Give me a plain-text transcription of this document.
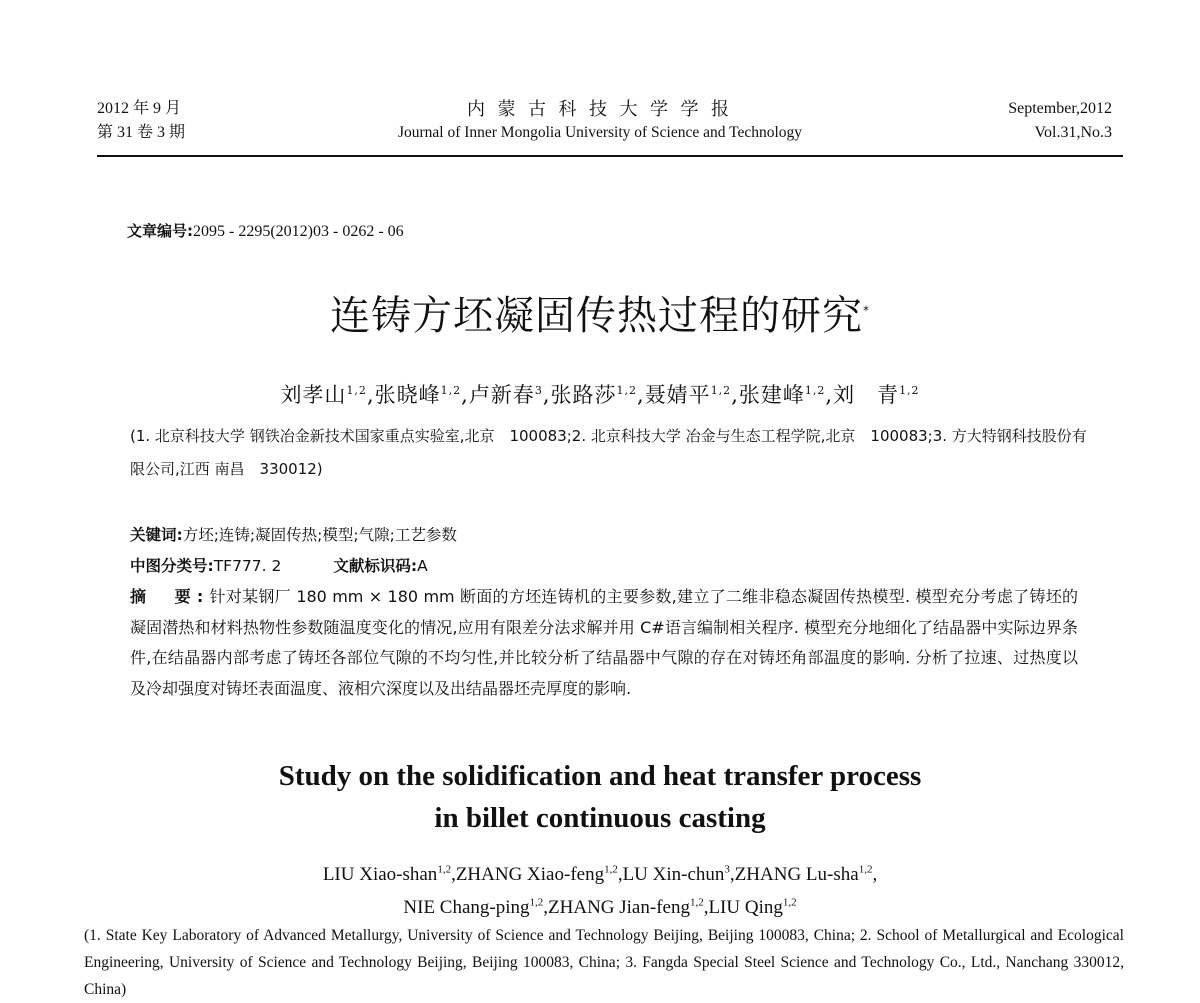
2012 年 9 月
第 31 卷 3 期
内 蒙 古 科 技 大 学 学 报
Journal of Inner Mongolia University of Science and Technology
September,2012
Vol.31,No.3
文章编号:2095 - 2295(2012)03 - 0262 - 06
连铸方坯凝固传热过程的研究*
刘孝山$^{1,2}$,张晓峰$^{1,2}$,卢新春$^3$,张路莎$^{1,2}$,聂婧平$^{1,2}$,张建峰$^{1,2}$,刘　青$^{1,2}$
(1. 北京科技大学 钢铁冶金新技术国家重点实验室,北京　100083;2. 北京科技大学 冶金与生态工程学院,北京　100083;3. 方大特钢科技股份有限公司,江西 南昌　330012)
关键词:方坯;连铸;凝固传热;模型;气隙;工艺参数
中图分类号:TF777. 2	文献标识码:A
摘　要:针对某钢厂 180 mm × 180 mm 断面的方坯连铸机的主要参数,建立了二维非稳态凝固传热模型. 模型充分考虑了铸坯的凝固潜热和材料热物性参数随温度变化的情况,应用有限差分法求解并用 C#语言编制相关程序. 模型充分地细化了结晶器中实际边界条件,在结晶器内部考虑了铸坯各部位气隙的不均匀性,并比较分析了结晶器中气隙的存在对铸坯角部温度的影响. 分析了拉速、过热度以及冷却强度对铸坯表面温度、液相穴深度以及出结晶器坯壳厚度的影响.
Study on the solidification and heat transfer process
in billet continuous casting
LIU Xiao-shan$^{1,2}$,ZHANG Xiao-feng$^{1,2}$,LU Xin-chun$^3$,ZHANG Lu-sha$^{1,2}$,
NIE Chang-ping$^{1,2}$,ZHANG Jian-feng$^{1,2}$,LIU Qing$^{1,2}$
(1. State Key Laboratory of Advanced Metallurgy, University of Science and Technology Beijing, Beijing 100083, China; 2. School of Metallurgical and Ecological Engineering, University of Science and Technology Beijing, Beijing 100083, China; 3. Fangda Special Steel Science and Technology Co., Ltd., Nanchang 330012, China)
